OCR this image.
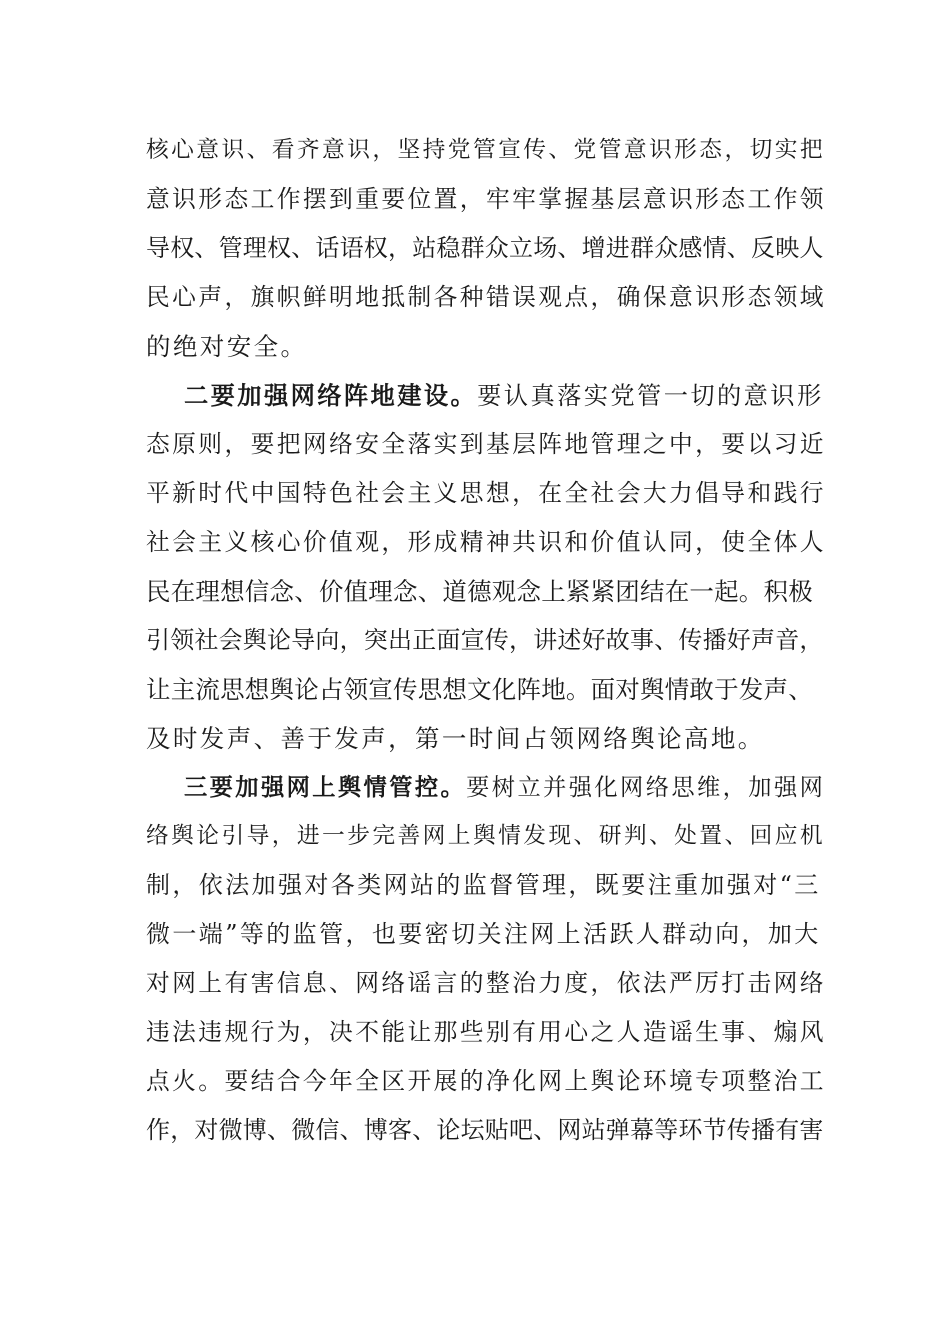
核心意识、看齐意识，坚持党管宣传、党管意识形态，切实把
意识形态工作摆到重要位置，牢牢掌握基层意识形态工作领
导权、管理权、话语权，站稳群众立场、增进群众感情、反映人
民心声，旗帜鲜明地抵制各种错误观点，确保意识形态领域
的绝对安全。
二要加强网络阵地建设。要认真落实党管一切的意识形
态原则，要把网络安全落实到基层阵地管理之中，要以习近
平新时代中国特色社会主义思想，在全社会大力倡导和践行
社会主义核心价值观，形成精神共识和价值认同，使全体人
民在理想信念、价值理念、道德观念上紧紧团结在一起。积极
引领社会舆论导向，突出正面宣传，讲述好故事、传播好声音，
让主流思想舆论占领宣传思想文化阵地。面对舆情敢于发声、
及时发声、善于发声，第一时间占领网络舆论高地。
三要加强网上舆情管控。要树立并强化网络思维，加强网
络舆论引导，进一步完善网上舆情发现、研判、处置、回应机
制，依法加强对各类网站的监督管理，既要注重加强对“三
微一端”等的监管，也要密切关注网上活跃人群动向，加大
对网上有害信息、网络谣言的整治力度，依法严厉打击网络
违法违规行为，决不能让那些别有用心之人造谣生事、煽风
点火。要结合今年全区开展的净化网上舆论环境专项整治工
作，对微博、微信、博客、论坛贴吧、网站弹幕等环节传播有害
